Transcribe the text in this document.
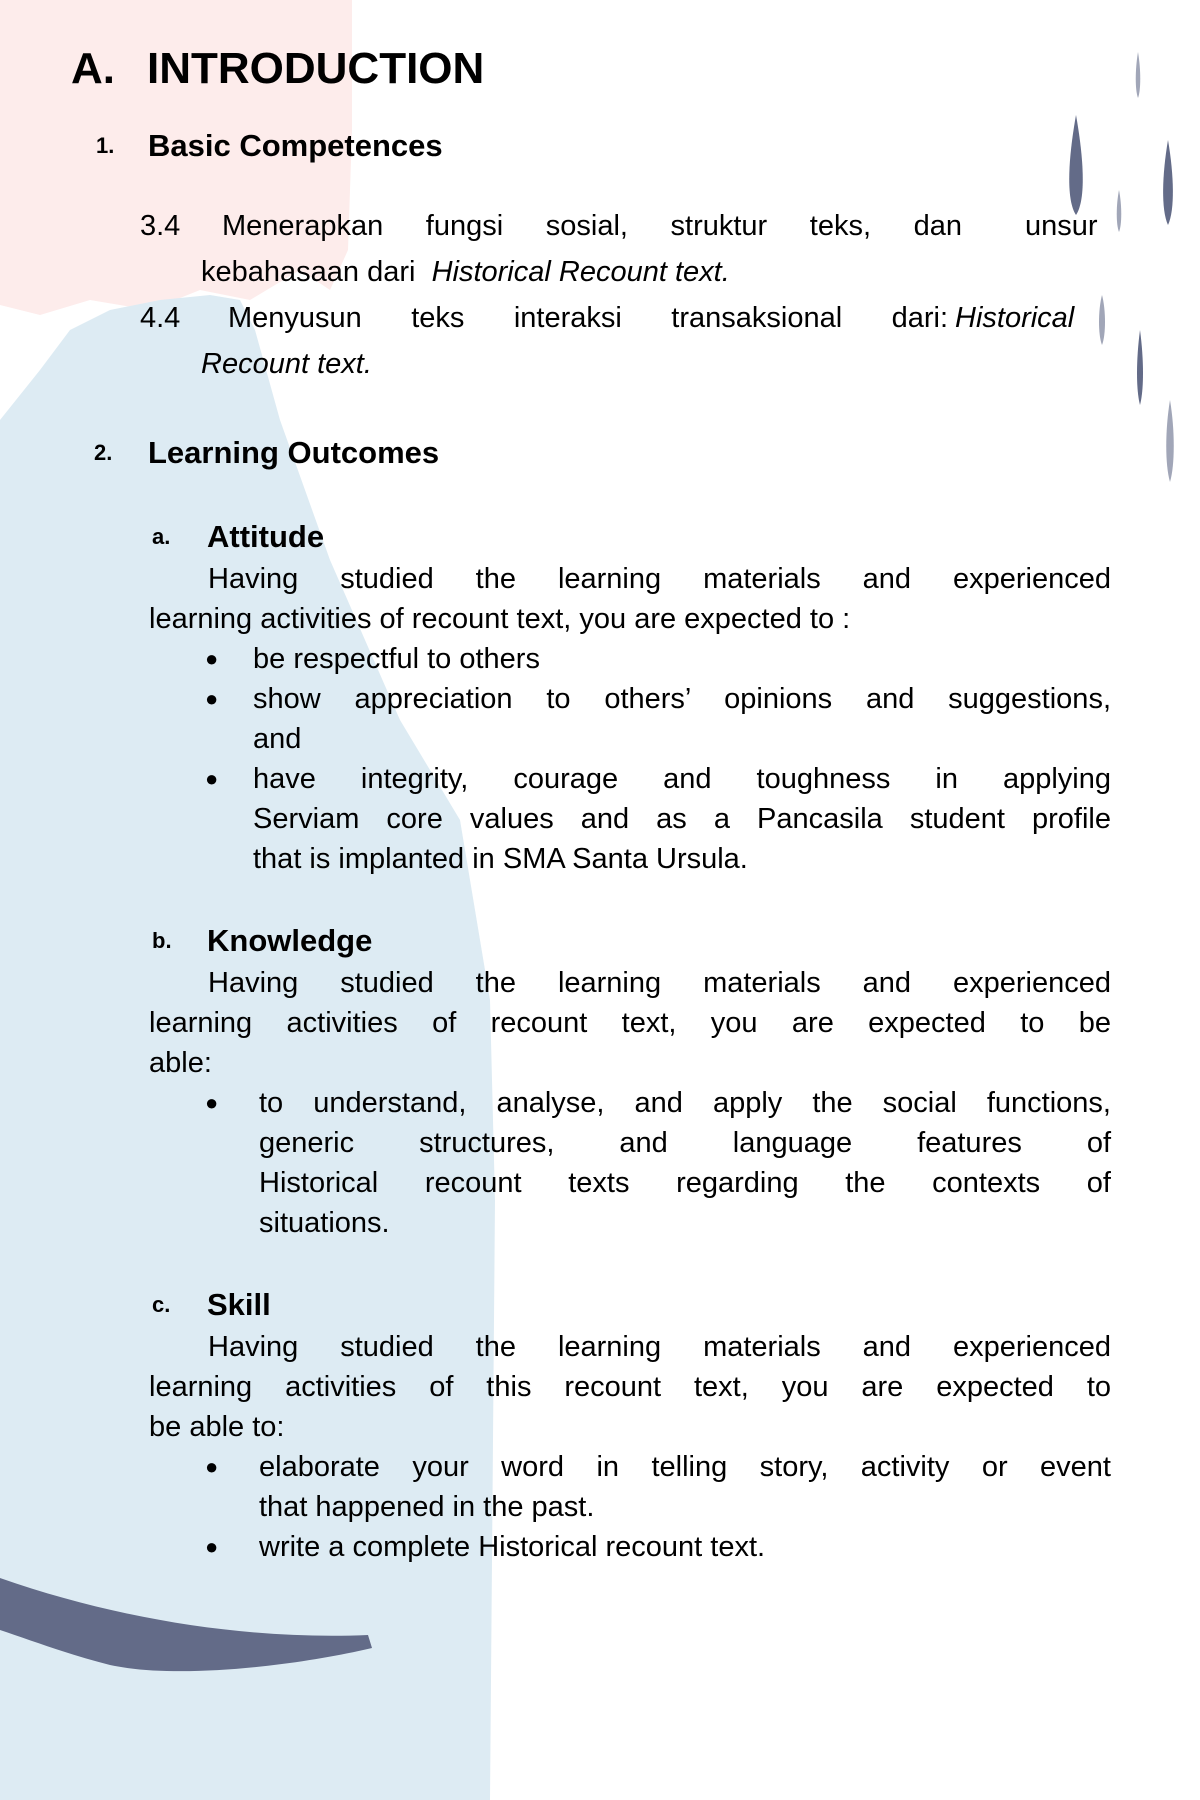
A. INTRODUCTION
1. Basic Competences
3.4 Menerapkan fungsi sosial, struktur teks, dan unsur
kebahasaan dari Historical Recount text.
4.4 Menyusun teks interaksi transaksional dari: Historical
Recount text.
2. Learning Outcomes
a. Attitude
Having studied the learning materials and experienced
learning activities of recount text, you are expected to :
● be respectful to others
● show appreciation to others’ opinions and suggestions,
and
● have integrity, courage and toughness in applying
Serviam core values and as a Pancasila student profile
that is implanted in SMA Santa Ursula.
b. Knowledge
Having studied the learning materials and experienced
learning activities of recount text, you are expected to be
able:
● to understand, analyse, and apply the social functions,
generic structures, and language features of
Historical recount texts regarding the contexts of
situations.
c. Skill
Having studied the learning materials and experienced
learning activities of this recount text, you are expected to
be able to:
● elaborate your word in telling story, activity or event
that happened in the past.
● write a complete Historical recount text.
